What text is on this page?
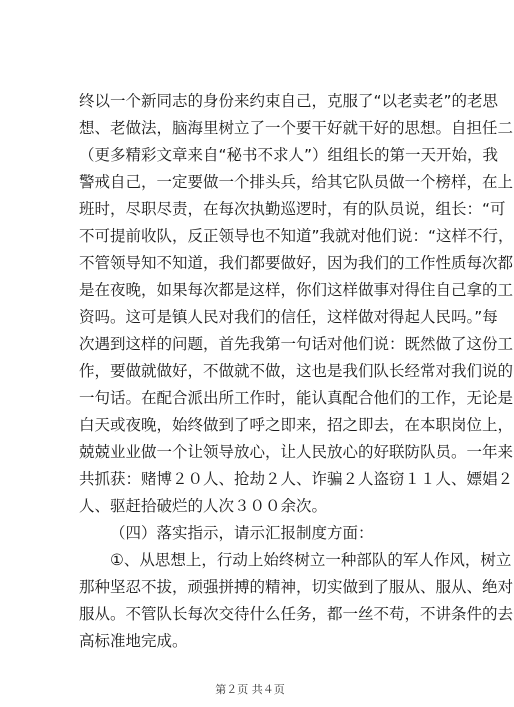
终以一个新同志的身份来约束自己，克服了“以老卖老”的老思
想、老做法，脑海里树立了一个要干好就干好的思想。自担任二
（更多精彩文章来自“秘书不求人”）组组长的第一天开始，我
警戒自己，一定要做一个排头兵，给其它队员做一个榜样，在上
班时，尽职尽责，在每次执勤巡逻时，有的队员说，组长：“可
不可提前收队，反正领导也不知道”我就对他们说：“这样不行，
不管领导知不知道，我们都要做好，因为我们的工作性质每次都
是在夜晚，如果每次都是这样，你们这样做事对得住自己拿的工
资吗。这可是镇人民对我们的信任，这样做对得起人民吗。”每
次遇到这样的问题，首先我第一句话对他们说：既然做了这份工
作，要做就做好，不做就不做，这也是我们队长经常对我们说的
一句话。在配合派出所工作时，能认真配合他们的工作，无论是
白天或夜晚，始终做到了呼之即来，招之即去，在本职岗位上，
兢兢业业做一个让领导放心，让人民放心的好联防队员。一年来
共抓获：赌博２０人、抢劫２人、诈骗２人盗窃１１人、嫖娼２
人、驱赶拾破烂的人次３００余次。
（四）落实指示，请示汇报制度方面：
①、从思想上，行动上始终树立一种部队的军人作风，树立
那种坚忍不拔，顽强拼搏的精神，切实做到了服从、服从、绝对
服从。不管队长每次交待什么任务，都一丝不苟，不讲条件的去
高标准地完成。
第２页 共４页
